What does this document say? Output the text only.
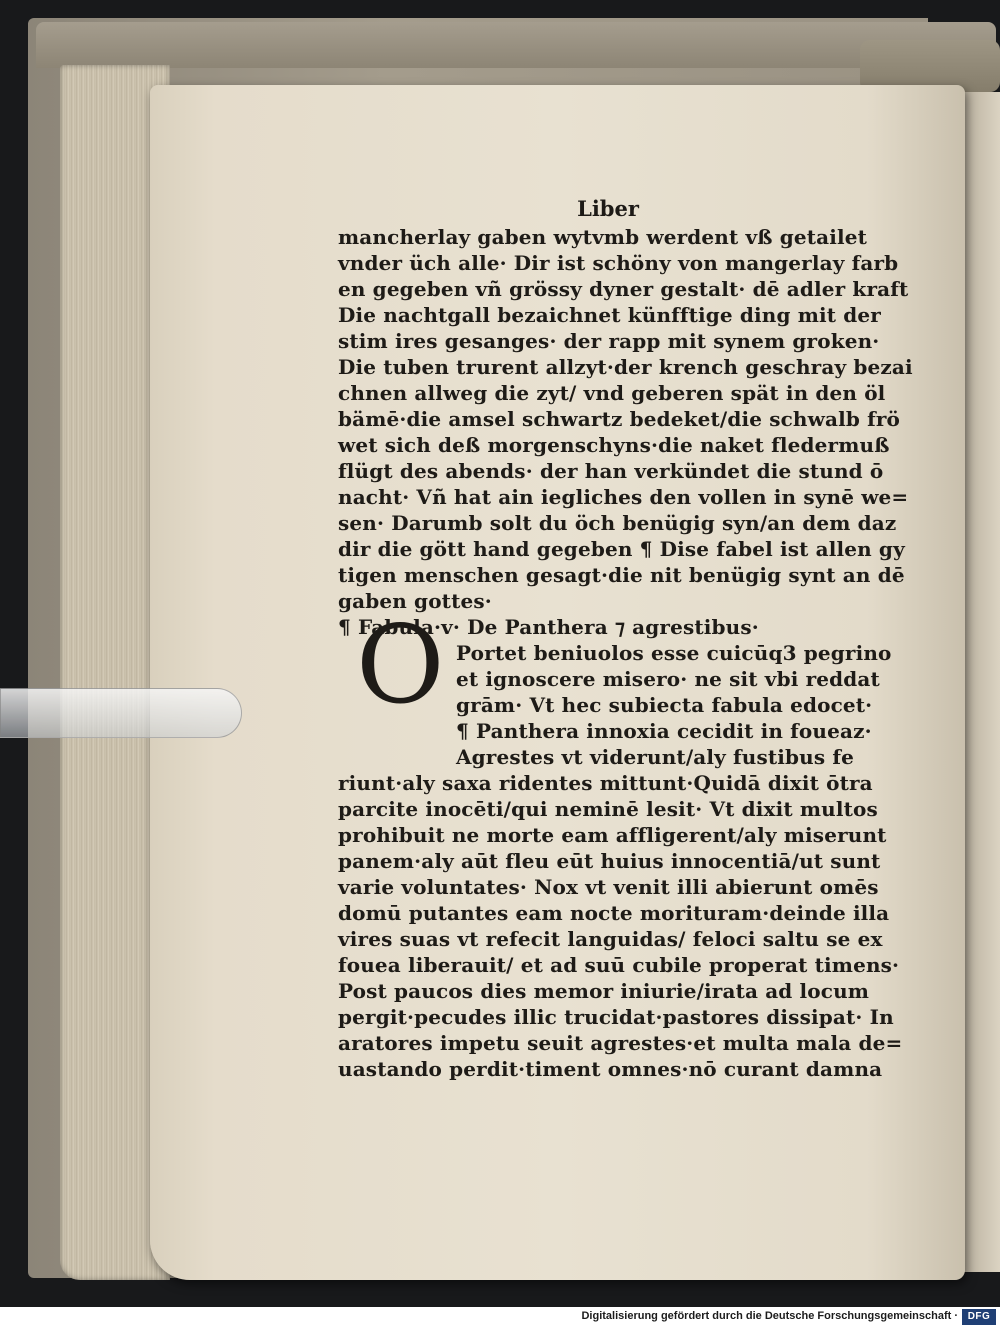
Liber
O
mancherlay gaben wytvmb werdent vß getailet
vnder üch alle· Dir ist schöny von mangerlay farb
en gegeben vñ grössy dyner gestalt· dē adler kraft
Die nachtgall bezaichnet künfftige ding mit der
stim ires gesanges· der rapp mit synem groken·
Die tuben trurent allzyt·der krench geschray bezai
chnen allweg die zyt/ vnd geberen spät in den öl
bämē·die amsel schwartz bedeket/die schwalb frö
wet sich deß morgenschyns·die naket fledermuß
flügt des abends· der han verkündet die stund ō
nacht· Vñ hat ain iegliches den vollen in synē we=
sen· Darumb solt du öch benügig syn/an dem daz
dir die gött hand gegeben ¶ Dise fabel ist allen gy
tigen menschen gesagt·die nit benügig synt an dē
gaben gottes·
¶ Fabula·v· De Panthera ⁊ agrestibus·
Portet beniuolos esse cuicūq3 pegrino
et ignoscere misero· ne sit vbi reddat
grām· Vt hec subiecta fabula edocet·
¶ Panthera innoxia cecidit in foueaz·
Agrestes vt viderunt/aly fustibus fe
riunt·aly saxa ridentes mittunt·Quidā dixit ōtra
parcite inocēti/qui neminē lesit· Vt dixit multos
prohibuit ne morte eam affligerent/aly miserunt
panem·aly aūt fleu eūt huius innocentiā/ut sunt
varie voluntates· Nox vt venit illi abierunt omēs
domū putantes eam nocte morituram·deinde illa
vires suas vt refecit languidas/ feloci saltu se ex
fouea liberauit/ et ad suū cubile properat timens·
Post paucos dies memor iniurie/irata ad locum
pergit·pecudes illic trucidat·pastores dissipat· In
aratores impetu seuit agrestes·et multa mala de=
uastando perdit·timent omnes·nō curant damna
Digitalisierung gefördert durch die Deutsche Forschungsgemeinschaft · DFG
